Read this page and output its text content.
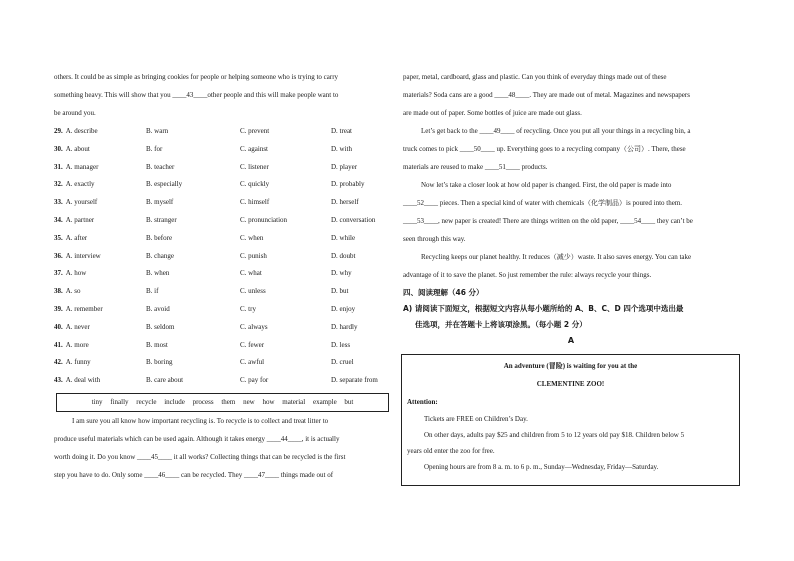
others. It could be as simple as bringing cookies for people or helping someone who is trying to carry

something heavy. This will show that you ____43____other people and this will make people want to

be around you.

29. A. describe	B. warn	C. prevent	D. treat
30. A. about	B. for	C. against	D. with
31. A. manager	B. teacher	C. listener	D. player
32. A. exactly	B. especially	C. quickly	D. probably
33. A. yourself	B. myself	C. himself	D. herself
34. A. partner	B. stranger	C. pronunciation	D. conversation
35. A. after	B. before	C. when	D. while
36. A. interview	B. change	C. punish	D. doubt
37. A. how	B. when	C. what	D. why
38. A. so	B. if	C. unless	D. but
39. A. remember	B. avoid	C. try	D. enjoy
40. A. never	B. seldom	C. always	D. hardly
41. A. more	B. most	C. fewer	D. less
42. A. funny	B. boring	C. awful	D. cruel
43. A. deal with	B. care about	C. pay for	D. separate from
tiny finally recycle include process them new how material example but

I am sure you all know how important recycling is. To recycle is to collect and treat litter to

produce useful materials which can be used again. Although it takes energy ____44____, it is actually

worth doing it. Do you know ____45____ it all works? Collecting things that can be recycled is the first

step you have to do. Only some ____46____ can be recycled. They ____47____ things made out of

paper, metal, cardboard, glass and plastic. Can you think of everyday things made out of these

materials? Soda cans are a good ____48____. They are made out of metal. Magazines and newspapers

are made out of paper. Some bottles of juice are made out glass.

Let’s get back to the ____49____ of recycling. Once you put all your things in a recycling bin, a

truck comes to pick ____50____ up. Everything goes to a recycling company（公司）. There, these

materials are reused to make ____51____ products.

Now let’s take a closer look at how old paper is changed. First, the old paper is made into

____52____ pieces. Then a special kind of water with chemicals（化学制品）is poured into them.

____53____, new paper is created! There are things written on the old paper, ____54____ they can’t be

seen through this way.

Recycling keeps our planet healthy. It reduces（减少）waste. It also saves energy. You can take

advantage of it to save the planet. So just remember the rule: always recycle your things.

四、阅读理解（46 分）

A) 请阅读下面短文，根据短文内容从每小题所给的 A、B、C、D 四个选项中选出最

佳选项，并在答题卡上将该项涂黑。（每小题 2 分）

A

An adventure (冒险) is waiting for you at the

CLEMENTINE ZOO!

Attention:

Tickets are FREE on Children’s Day.

On other days, adults pay $25 and children from 5 to 12 years old pay $18. Children below 5

years old enter the zoo for free.

Opening hours are from 8 a. m. to 6 p. m., Sunday—Wednesday, Friday—Saturday.
